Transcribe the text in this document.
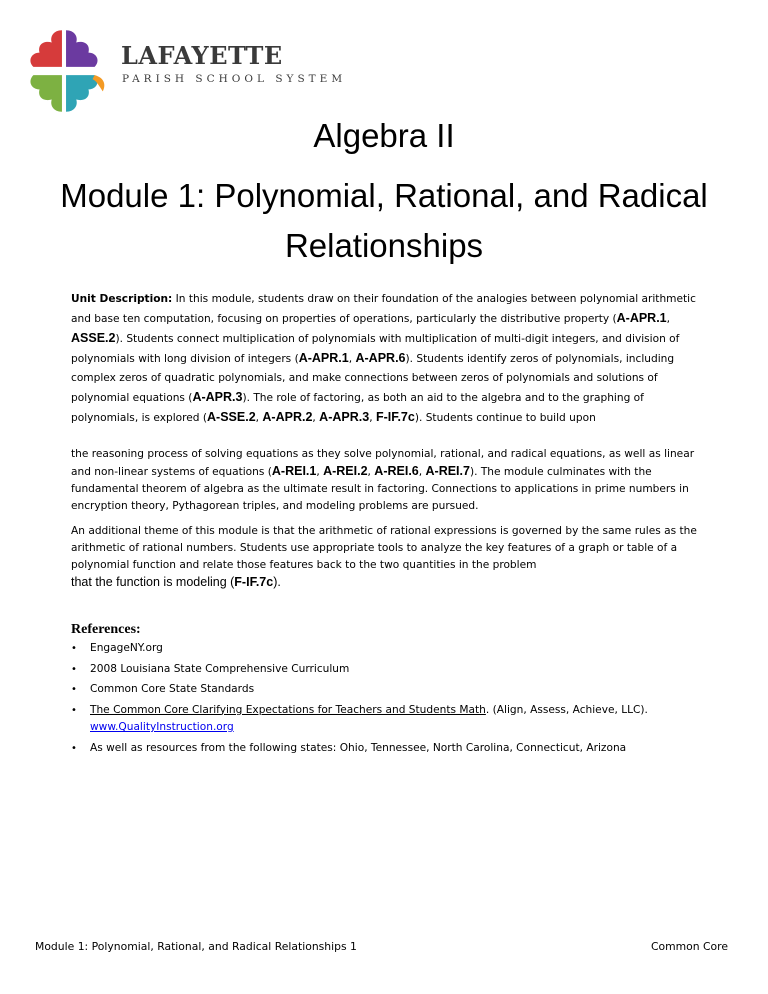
LAFAYETTE
PARISH SCHOOL SYSTEM
Algebra II
Module 1: Polynomial, Rational, and Radical Relationships
Unit Description: In this module, students draw on their foundation of the analogies between polynomial arithmetic and base ten computation, focusing on properties of operations, particularly the distributive property (A-APR.1, ASSE.2). Students connect multiplication of polynomials with multiplication of multi-digit integers, and division of polynomials with long division of integers (A-APR.1, A-APR.6). Students identify zeros of polynomials, including complex zeros of quadratic polynomials, and make connections between zeros of polynomials and solutions of polynomial equations (A-APR.3). The role of factoring, as both an aid to the algebra and to the graphing of polynomials, is explored (A-SSE.2, A-APR.2, A-APR.3, F-IF.7c). Students continue to build upon
the reasoning process of solving equations as they solve polynomial, rational, and radical equations, as well as linear and non-linear systems of equations (A-REI.1, A-REI.2, A-REI.6, A-REI.7). The module culminates with the fundamental theorem of algebra as the ultimate result in factoring. Connections to applications in prime numbers in encryption theory, Pythagorean triples, and modeling problems are pursued.
An additional theme of this module is that the arithmetic of rational expressions is governed by the same rules as the arithmetic of rational numbers. Students use appropriate tools to analyze the key features of a graph or table of a polynomial function and relate those features back to the two quantities in the problem
that the function is modeling (F-IF.7c).
References:
• EngageNY.org
• 2008 Louisiana State Comprehensive Curriculum
• Common Core State Standards
• The Common Core Clarifying Expectations for Teachers and Students Math. (Align, Assess, Achieve, LLC).
www.QualityInstruction.org
• As well as resources from the following states: Ohio, Tennessee, North Carolina, Connecticut, Arizona
Module 1: Polynomial, Rational, and Radical Relationships 1	Common Core
